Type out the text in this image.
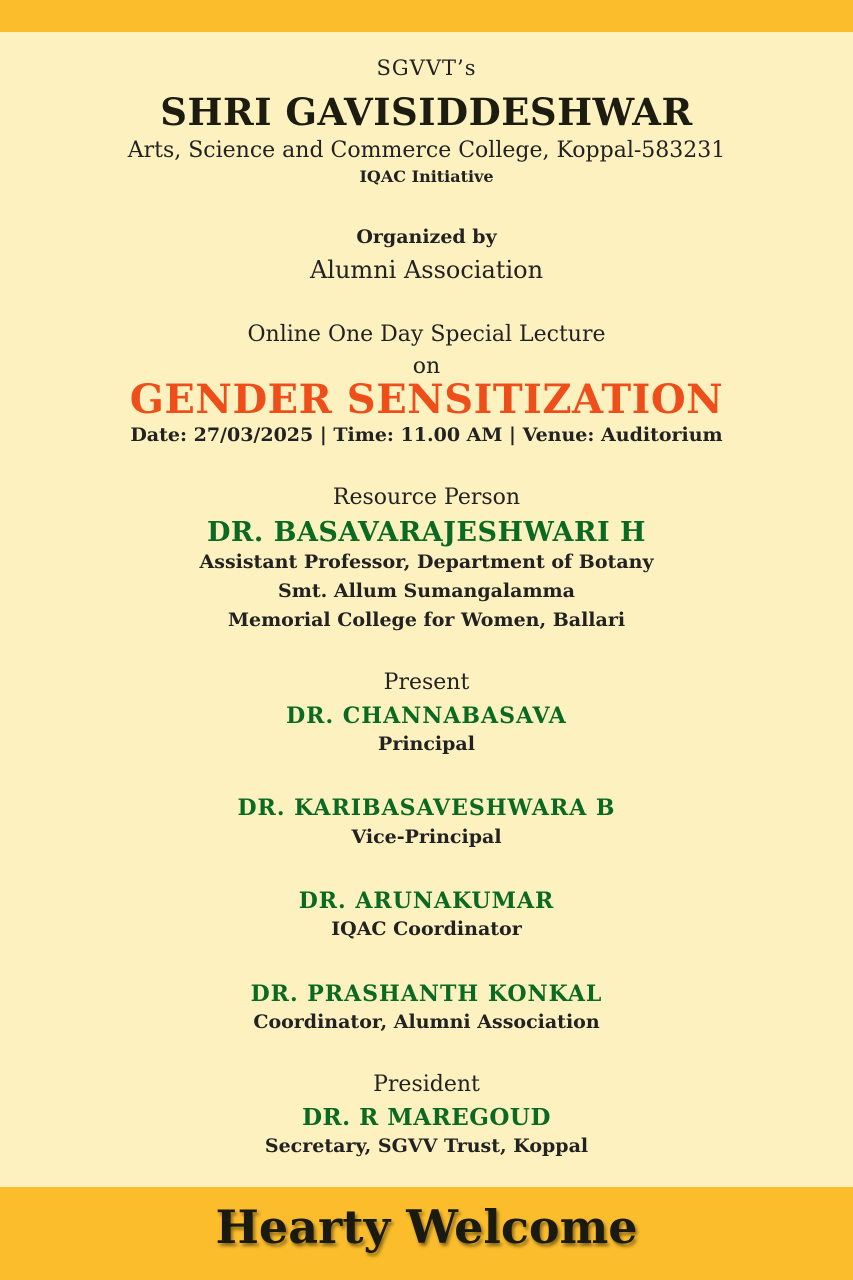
SGVVT’s
SHRI GAVISIDDESHWAR
Arts, Science and Commerce College, Koppal-583231
IQAC Initiative
Organized by
Alumni Association
Online One Day Special Lecture
on
GENDER SENSITIZATION
Date: 27/03/2025 | Time: 11.00 AM | Venue: Auditorium
Resource Person
DR. BASAVARAJESHWARI H
Assistant Professor, Department of Botany
Smt. Allum Sumangalamma
Memorial College for Women, Ballari
Present
DR. CHANNABASAVA
Principal
DR. KARIBASAVESHWARA B
Vice-Principal
DR. ARUNAKUMAR
IQAC Coordinator
DR. PRASHANTH KONKAL
Coordinator, Alumni Association
President
DR. R MAREGOUD
Secretary, SGVV Trust, Koppal
Hearty Welcome
